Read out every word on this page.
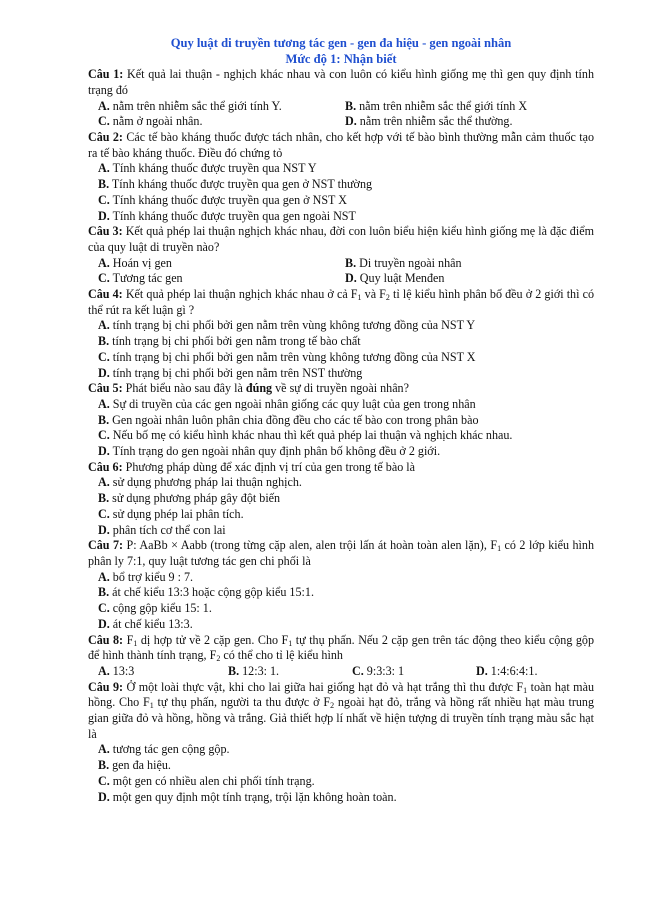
Quy luật di truyền tương tác gen - gen đa hiệu - gen ngoài nhân
Mức độ 1: Nhận biết
Câu 1: Kết quả lai thuận - nghịch khác nhau và con luôn có kiểu hình giống mẹ thì gen quy định tính trạng đó
A. nằm trên nhiễm sắc thể giới tính Y.	B. nằm trên nhiễm sắc thể giới tính X
C. nằm ở ngoài nhân.	D. nằm trên nhiễm sắc thể thường.
Câu 2: Các tế bào kháng thuốc được tách nhân, cho kết hợp với tế bào bình thường mẫn cảm thuốc tạo ra tế bào kháng thuốc. Điều đó chứng tỏ
A. Tính kháng thuốc được truyền qua NST Y
B. Tính kháng thuốc được truyền qua gen ở NST thường
C. Tính kháng thuốc được truyền qua gen ở NST X
D. Tính kháng thuốc được truyền qua gen ngoài NST
Câu 3: Kết quả phép lai thuận nghịch khác nhau, đời con luôn biểu hiện kiểu hình giống mẹ là đặc điểm của quy luật di truyền nào?
A. Hoán vị gen	B. Di truyền ngoài nhân
C. Tương tác gen	D. Quy luật Menđen
Câu 4: Kết quả phép lai thuận nghịch khác nhau ở cả $F_1$ và $F_2$ tỉ lệ kiểu hình phân bố đều ở 2 giới thì có thể rút ra kết luận gì ?
A. tính trạng bị chi phối bởi gen nằm trên vùng không tương đồng của NST Y
B. tính trạng bị chi phối bởi gen nằm trong tế bào chất
C. tính trạng bị chi phối bởi gen nằm trên vùng không tương đồng của NST X
D. tính trạng bị chi phối bởi gen nằm trên NST thường
Câu 5: Phát biểu nào sau đây là đúng về sự di truyền ngoài nhân?
A. Sự di truyền của các gen ngoài nhân giống các quy luật của gen trong nhân
B. Gen ngoài nhân luôn phân chia đồng đều cho các tế bào con trong phân bào
C. Nếu bố mẹ có kiểu hình khác nhau thì kết quả phép lai thuận và nghịch khác nhau.
D. Tính trạng do gen ngoài nhân quy định phân bố không đều ở 2 giới.
Câu 6: Phương pháp dùng để xác định vị trí của gen trong tế bào là
A. sử dụng phương pháp lai thuận nghịch.
B. sử dụng phương pháp gây đột biến
C. sử dụng phép lai phân tích.
D. phân tích cơ thể con lai
Câu 7: P: AaBb × Aabb (trong từng cặp alen, alen trội lấn át hoàn toàn alen lặn), $F_1$ có 2 lớp kiểu hình phân ly 7:1, quy luật tương tác gen chi phối là
A. bổ trợ kiểu 9 : 7.
B. át chế kiểu 13:3 hoặc cộng gộp kiểu 15:1.
C. cộng gộp kiểu 15: 1.
D. át chế kiểu 13:3.
Câu 8: $F_1$ dị hợp tử về 2 cặp gen. Cho $F_1$ tự thụ phấn. Nếu 2 cặp gen trên tác động theo kiểu cộng gộp để hình thành tính trạng, $F_2$ có thể cho tỉ lệ kiểu hình
A. 13:3	B. 12:3: 1.	C. 9:3:3: 1	D. 1:4:6:4:1.
Câu 9: Ở một loài thực vật, khi cho lai giữa hai giống hạt đỏ và hạt trắng thì thu được $F_1$ toàn hạt màu hồng. Cho $F_1$ tự thụ phấn, người ta thu được ở $F_2$ ngoài hạt đỏ, trắng và hồng rất nhiều hạt màu trung gian giữa đỏ và hồng, hồng và trắng. Giả thiết hợp lí nhất về hiện tượng di truyền tính trạng màu sắc hạt là
A. tương tác gen cộng gộp.
B. gen đa hiệu.
C. một gen có nhiều alen chi phối tính trạng.
D. một gen quy định một tính trạng, trội lặn không hoàn toàn.
